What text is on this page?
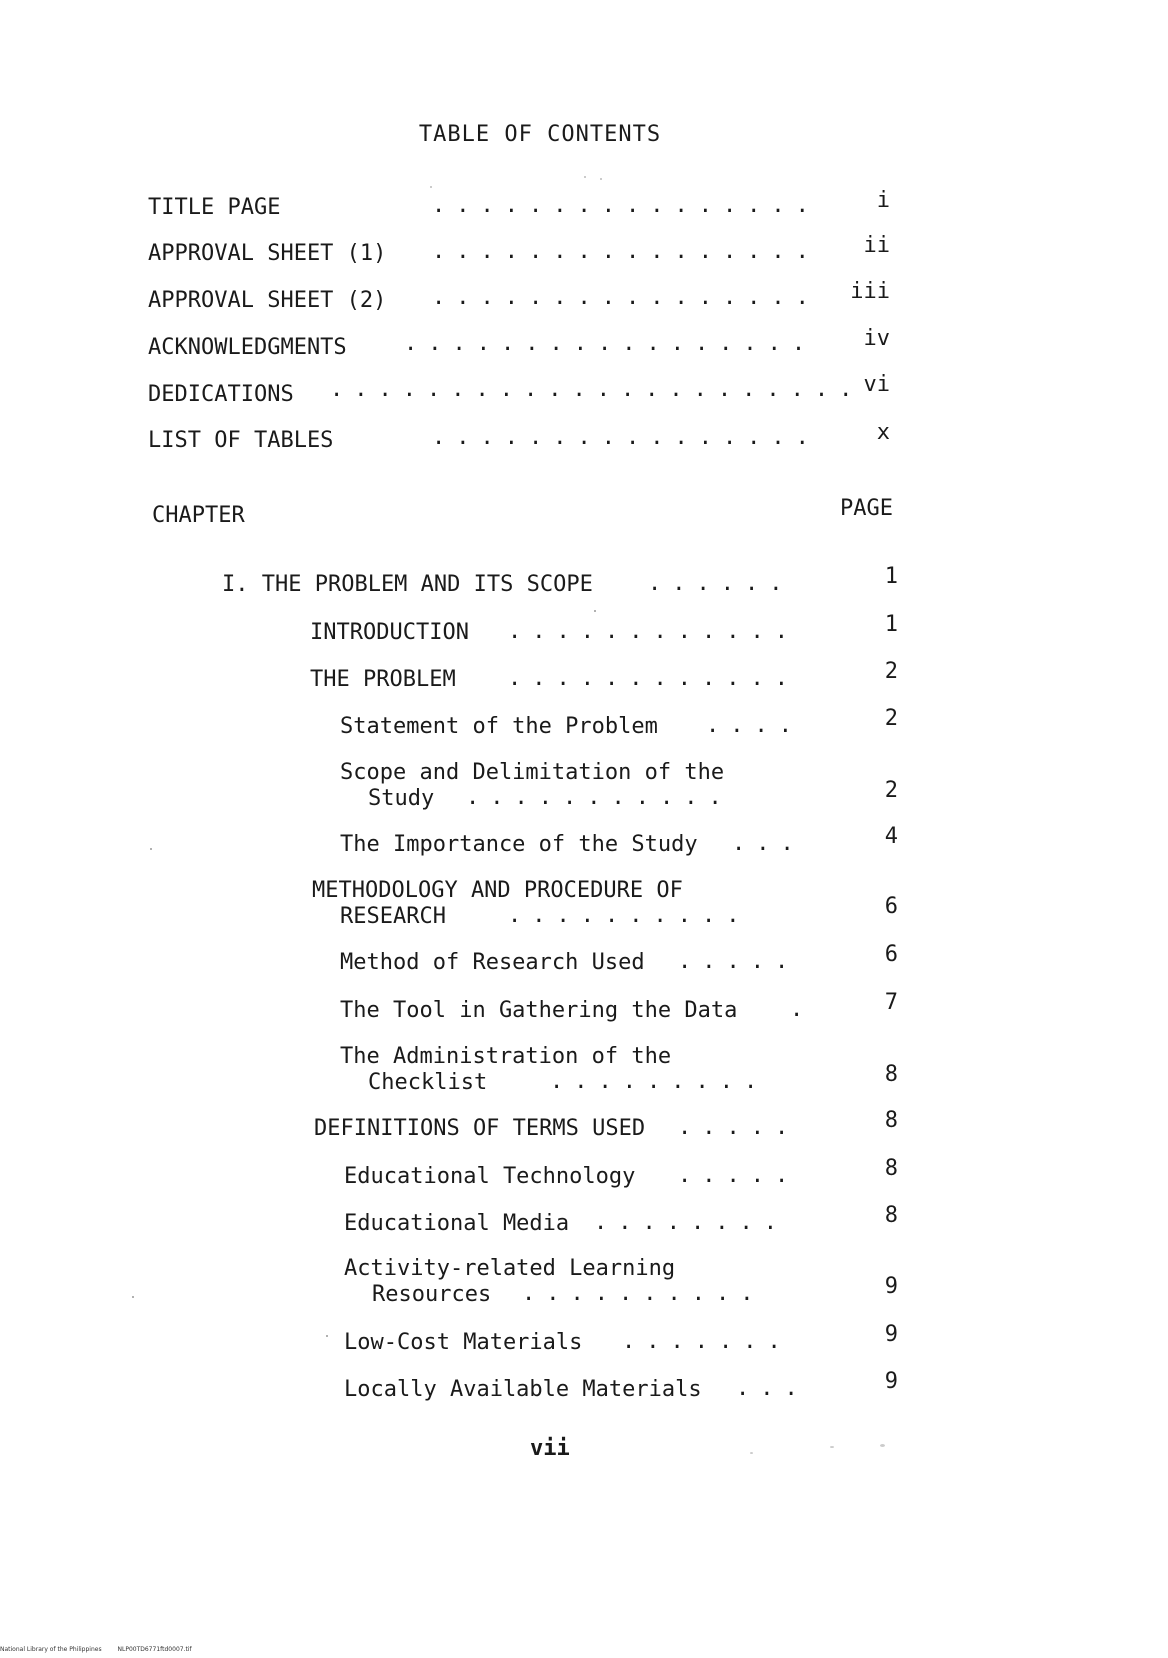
TABLE OF CONTENTS
TITLE PAGE	................	i
APPROVAL SHEET (1) ................	ii
APPROVAL SHEET (2) ................	iii
ACKNOWLEDGMENTS	.................	iv
DEDICATIONS ...................... vi
LIST OF TABLES	................	x
CHAPTER	PAGE
I. THE PROBLEM AND ITS SCOPE	......	1
INTRODUCTION ............	1
THE PROBLEM ............	2
Statement of the Problem ....	2
Scope and Delimitation of the
Study	...........	2
The Importance of the Study ...	4
METHODOLOGY AND PROCEDURE OF
RESEARCH	..........	6
Method of Research Used .....	6
The Tool in Gathering the Data .	7
The Administration of the
Checklist	.........	8
DEFINITIONS OF TERMS USED .....	8
Educational Technology .....	8
Educational Media ........	8
Activity-related Learning
Resources	..........	9
Low-Cost Materials .......	9
Locally Available Materials ...	9
vii
National Library of the Philippines	NLP00TD6771ftd0007.tif
